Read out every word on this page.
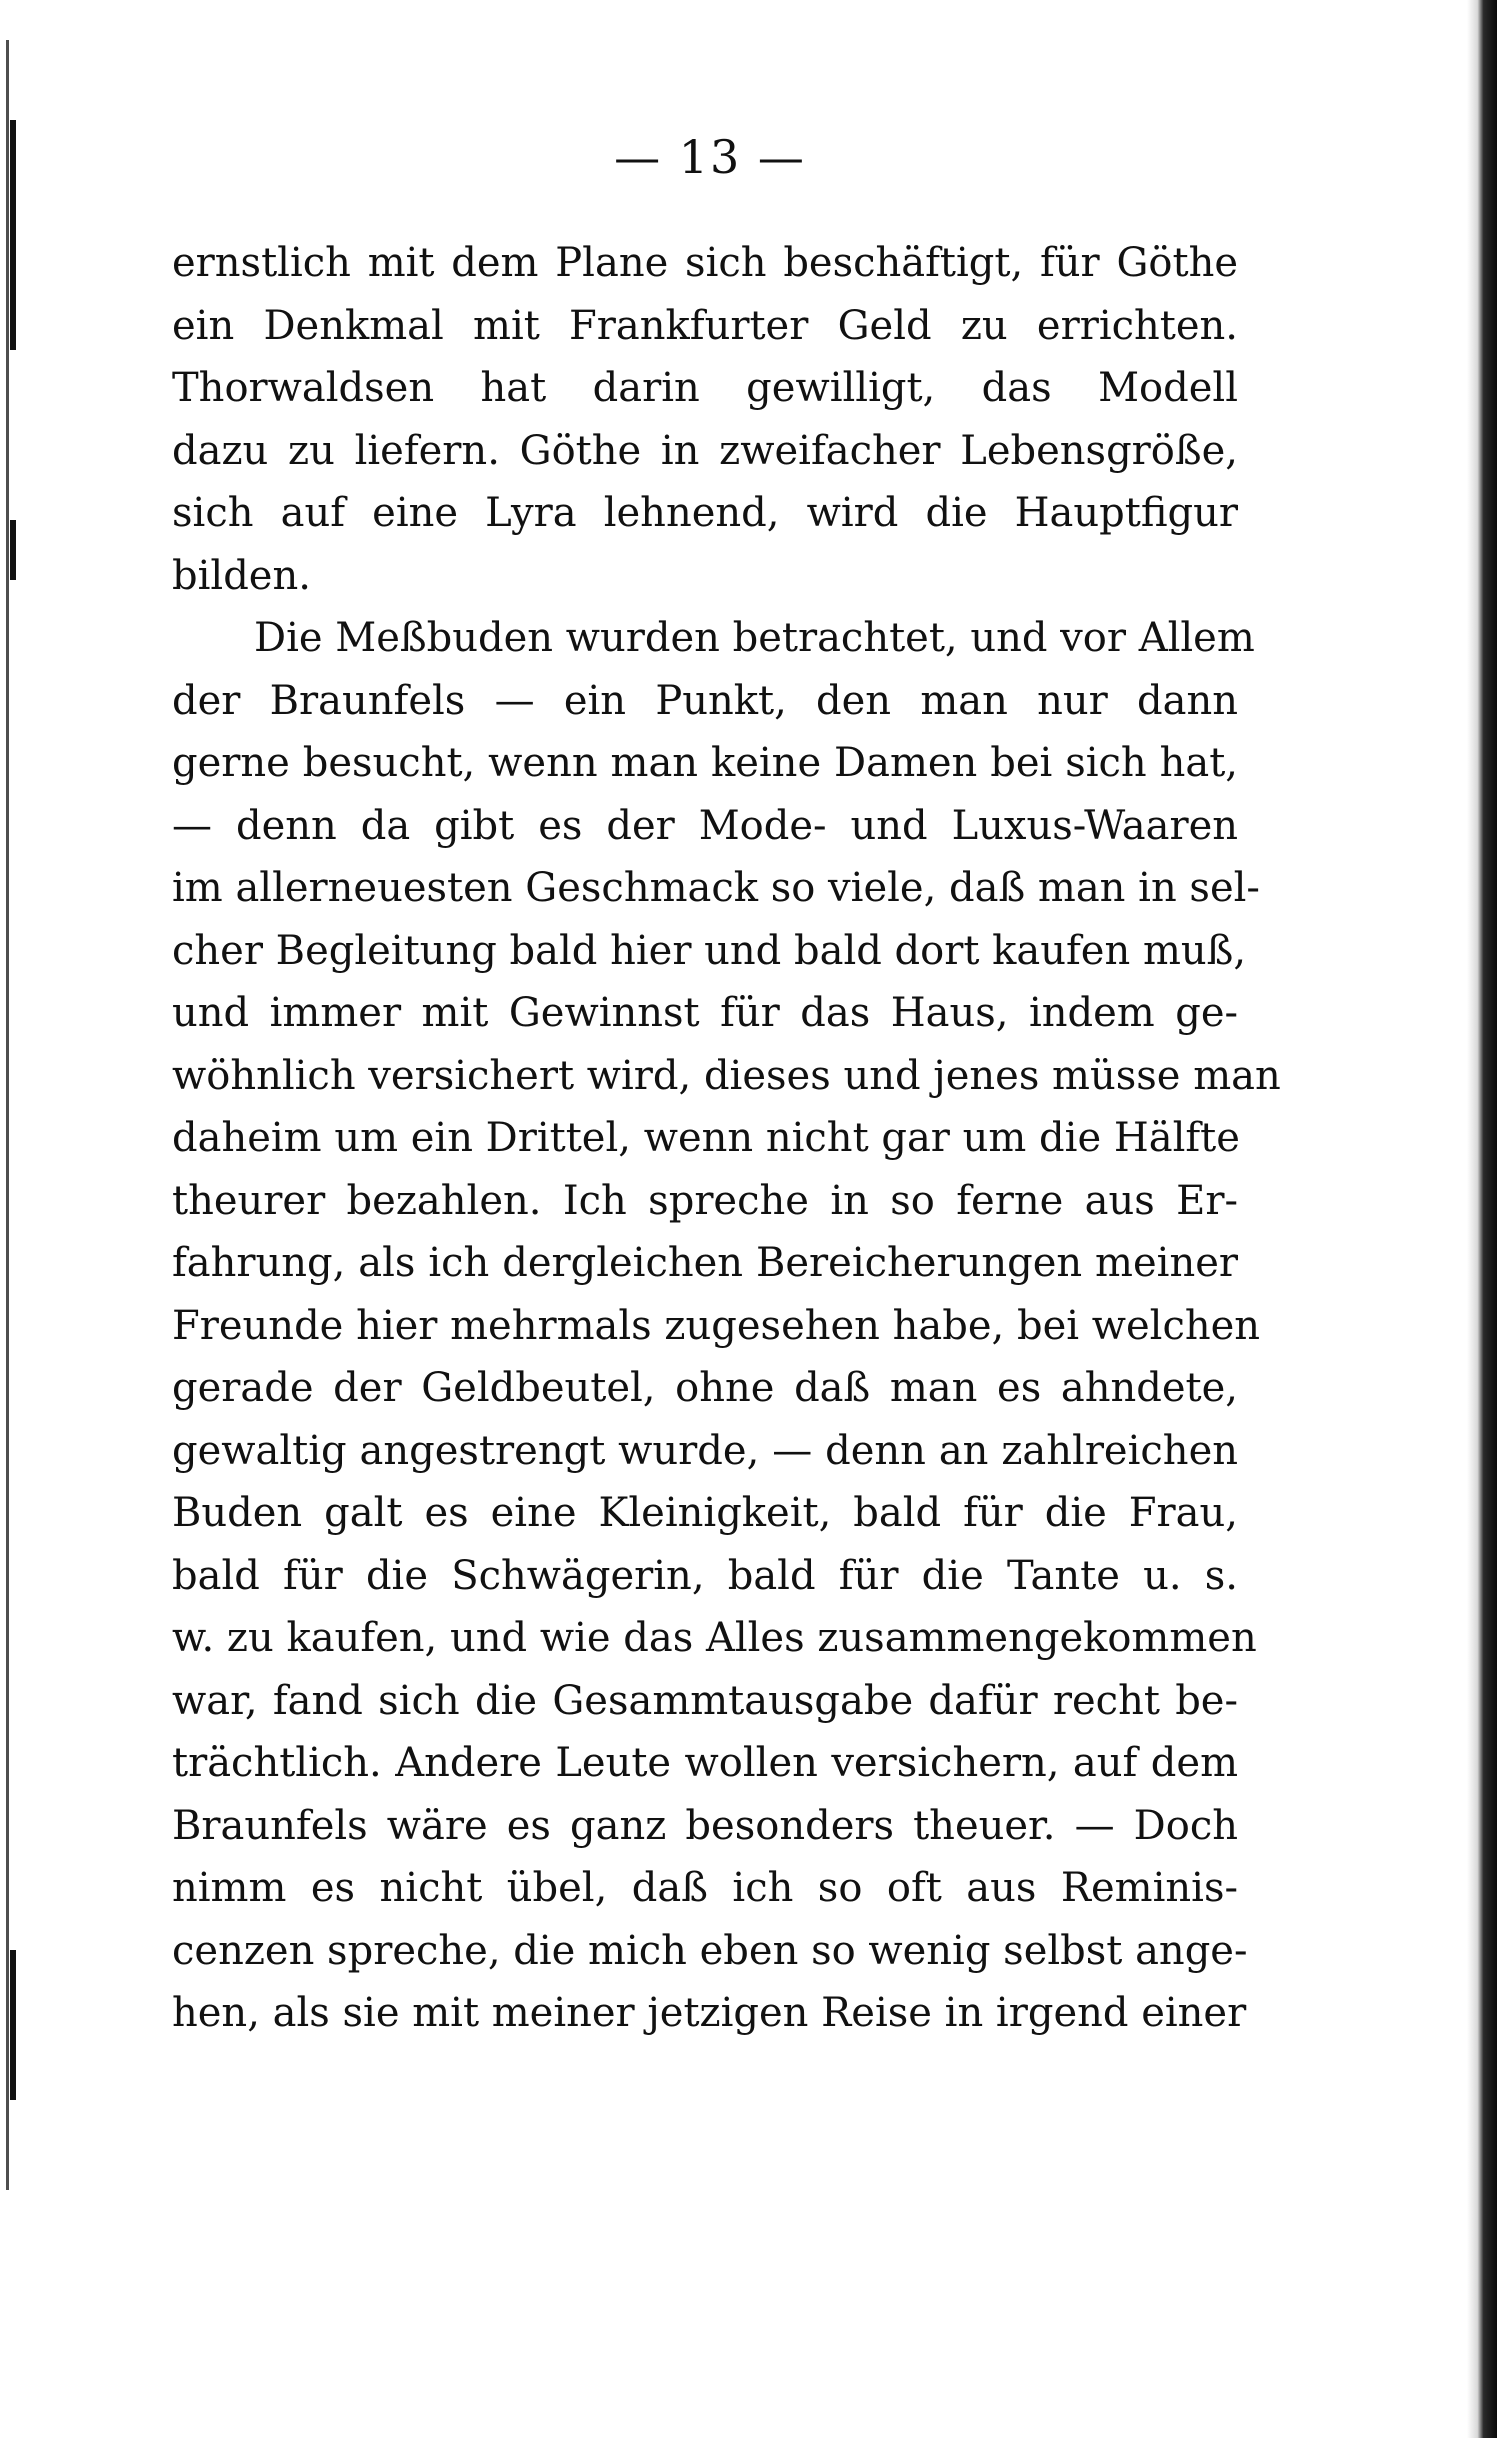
— 13 —
ernstlich mit dem Plane sich beschäftigt, für Göthe
ein Denkmal mit Frankfurter Geld zu errichten.
Thorwaldsen hat darin gewilligt, das Modell
dazu zu liefern. Göthe in zweifacher Lebensgröße,
sich auf eine Lyra lehnend, wird die Hauptfigur
bilden.
Die Meßbuden wurden betrachtet, und vor Allem
der Braunfels — ein Punkt, den man nur dann
gerne besucht, wenn man keine Damen bei sich hat,
— denn da gibt es der Mode- und Luxus-Waaren
im allerneuesten Geschmack so viele, daß man in sel-
cher Begleitung bald hier und bald dort kaufen muß,
und immer mit Gewinnst für das Haus, indem ge-
wöhnlich versichert wird, dieses und jenes müsse man
daheim um ein Drittel, wenn nicht gar um die Hälfte
theurer bezahlen. Ich spreche in so ferne aus Er-
fahrung, als ich dergleichen Bereicherungen meiner
Freunde hier mehrmals zugesehen habe, bei welchen
gerade der Geldbeutel, ohne daß man es ahndete,
gewaltig angestrengt wurde, — denn an zahlreichen
Buden galt es eine Kleinigkeit, bald für die Frau,
bald für die Schwägerin, bald für die Tante u. s.
w. zu kaufen, und wie das Alles zusammengekommen
war, fand sich die Gesammtausgabe dafür recht be-
trächtlich. Andere Leute wollen versichern, auf dem
Braunfels wäre es ganz besonders theuer. — Doch
nimm es nicht übel, daß ich so oft aus Reminis-
cenzen spreche, die mich eben so wenig selbst ange-
hen, als sie mit meiner jetzigen Reise in irgend einer
